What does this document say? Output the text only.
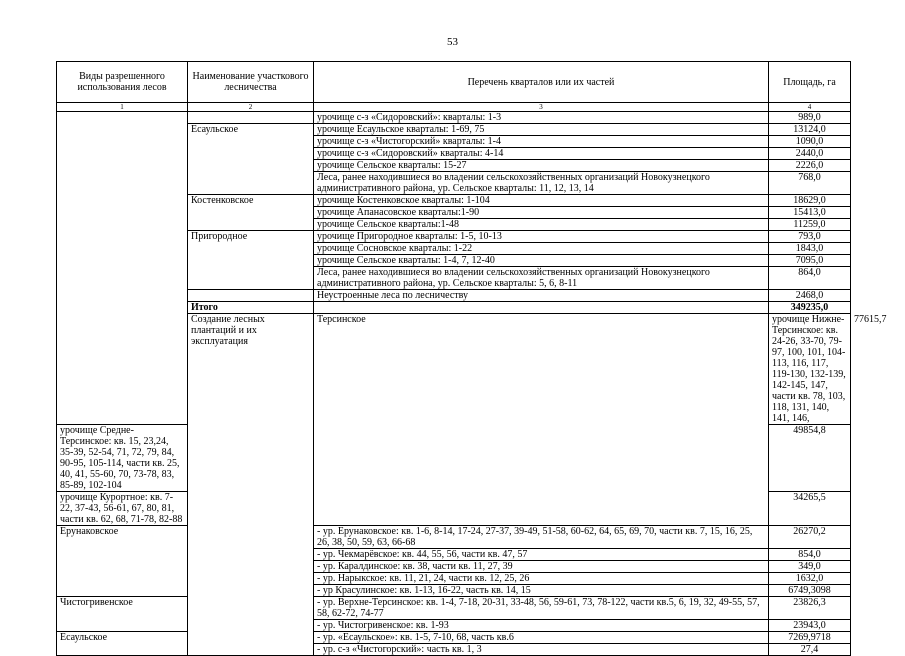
53
Виды разрешенного использования лесов	Наименование участкового лесничества	Перечень кварталов или их частей	Площадь, га	
1	2	3	4	
		урочище с-з «Сидоровский»: кварталы: 1-3	989,0	
	Есаульское	урочище Есаульское кварталы: 1-69, 75	13124,0	
		урочище с-з «Чистогорский» кварталы: 1-4	1090,0	
		урочище с-з «Сидоровский» кварталы: 4-14	2440,0	
		урочище Сельское кварталы: 15-27	2226,0	
		Леса, ранее находившиеся во владении сельскохозяйственных организаций Новокузнецкого административного района, ур. Сельское кварталы: 11, 12, 13, 14	768,0	
	Костенковское	урочище Костенковское кварталы: 1-104	18629,0	
		урочище Апанасовское кварталы:1-90	15413,0	
		урочище Сельское кварталы:1-48	11259,0	
	Пригородное	урочище Пригородное кварталы: 1-5, 10-13	793,0	
		урочище Сосновское кварталы: 1-22	1843,0	
		урочище Сельское кварталы: 1-4, 7, 12-40	7095,0	
		Леса, ранее находившиеся во владении сельскохозяйственных организаций Новокузнецкого административного района, ур. Сельское кварталы: 5, 6, 8-11	864,0	
		Неустроенные леса по лесничеству	2468,0	
	Итого		349235,0	
	Создание лесных плантаций и их эксплуатация	Терсинское	урочище Нижне-Терсинское: кв. 24-26, 33-70, 79-97, 100, 101, 104-113, 116, 117, 119-130, 132-139, 142-145, 147, части кв. 78, 103, 118, 131, 140, 141, 146,	77615,7
урочище Средне-Терсинское: кв. 15, 23,24, 35-39, 52-54, 71, 72, 79, 84, 90-95, 105-114, части кв. 25, 40, 41, 55-60, 70, 73-78, 83, 85-89, 102-104			49854,8	
урочище Курортное: кв. 7-22, 37-43, 56-61, 67, 80, 81, части кв. 62, 68, 71-78, 82-88			34265,5	
Ерунаковское		- ур. Ерунаковское: кв. 1-6, 8-14, 17-24, 27-37, 39-49, 51-58, 60-62, 64, 65, 69, 70, части кв. 7, 15, 16, 25, 26, 38, 50, 59, 63, 66-68	26270,2	
		- ур. Чекмарёвское: кв. 44, 55, 56, части кв. 47, 57	854,0	
		- ур. Каралдинское: кв. 38, части кв. 11, 27, 39	349,0	
		- ур. Нарыкское: кв. 11, 21, 24, части кв. 12, 25, 26	1632,0	
		- ур Красулинское: кв. 1-13, 16-22, часть кв. 14, 15	6749,3098	
Чистогривенское		- ур. Верхне-Терсинское: кв. 1-4, 7-18, 20-31, 33-48, 56, 59-61, 73, 78-122, части кв.5, 6, 19, 32, 49-55, 57, 58, 62-72, 74-77	23826,3	
		- ур. Чистогривенское: кв. 1-93	23943,0	
Есаульское		- ур. «Есаульское»: кв. 1-5, 7-10, 68, часть кв.6	7269,9718	
		- ур. с-з «Чистогорский»: часть кв. 1, 3	27,4	
